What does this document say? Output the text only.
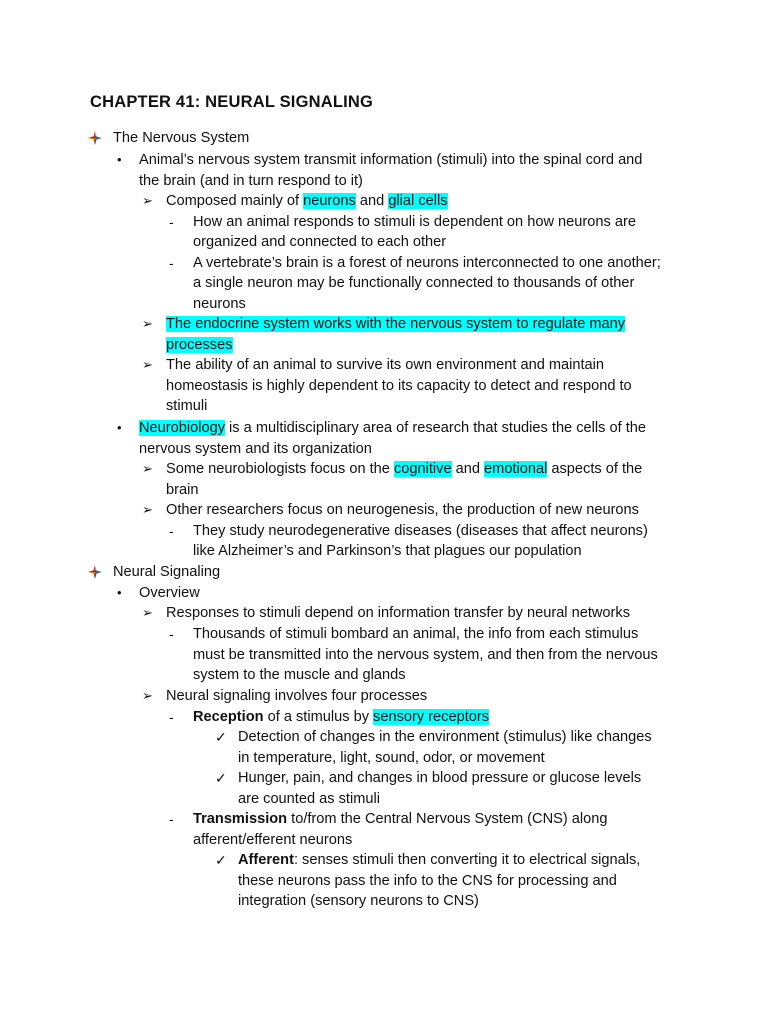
CHAPTER 41: NEURAL SIGNALING
The Nervous System
• Animal’s nervous system transmit information (stimuli) into the spinal cord and
the brain (and in turn respond to it)
➢ Composed mainly of neurons and glial cells
- How an animal responds to stimuli is dependent on how neurons are
organized and connected to each other
- A vertebrate’s brain is a forest of neurons interconnected to one another;
a single neuron may be functionally connected to thousands of other
neurons
➢ The endocrine system works with the nervous system to regulate many
processes
➢ The ability of an animal to survive its own environment and maintain
homeostasis is highly dependent to its capacity to detect and respond to
stimuli
• Neurobiology is a multidisciplinary area of research that studies the cells of the
nervous system and its organization
➢ Some neurobiologists focus on the cognitive and emotional aspects of the
brain
➢ Other researchers focus on neurogenesis, the production of new neurons
- They study neurodegenerative diseases (diseases that affect neurons)
like Alzheimer’s and Parkinson’s that plagues our population
Neural Signaling
• Overview
➢ Responses to stimuli depend on information transfer by neural networks
- Thousands of stimuli bombard an animal, the info from each stimulus
must be transmitted into the nervous system, and then from the nervous
system to the muscle and glands
➢ Neural signaling involves four processes
- Reception of a stimulus by sensory receptors
✓ Detection of changes in the environment (stimulus) like changes
in temperature, light, sound, odor, or movement
✓ Hunger, pain, and changes in blood pressure or glucose levels
are counted as stimuli
- Transmission to/from the Central Nervous System (CNS) along
afferent/efferent neurons
✓ Afferent: senses stimuli then converting it to electrical signals,
these neurons pass the info to the CNS for processing and
integration (sensory neurons to CNS)
